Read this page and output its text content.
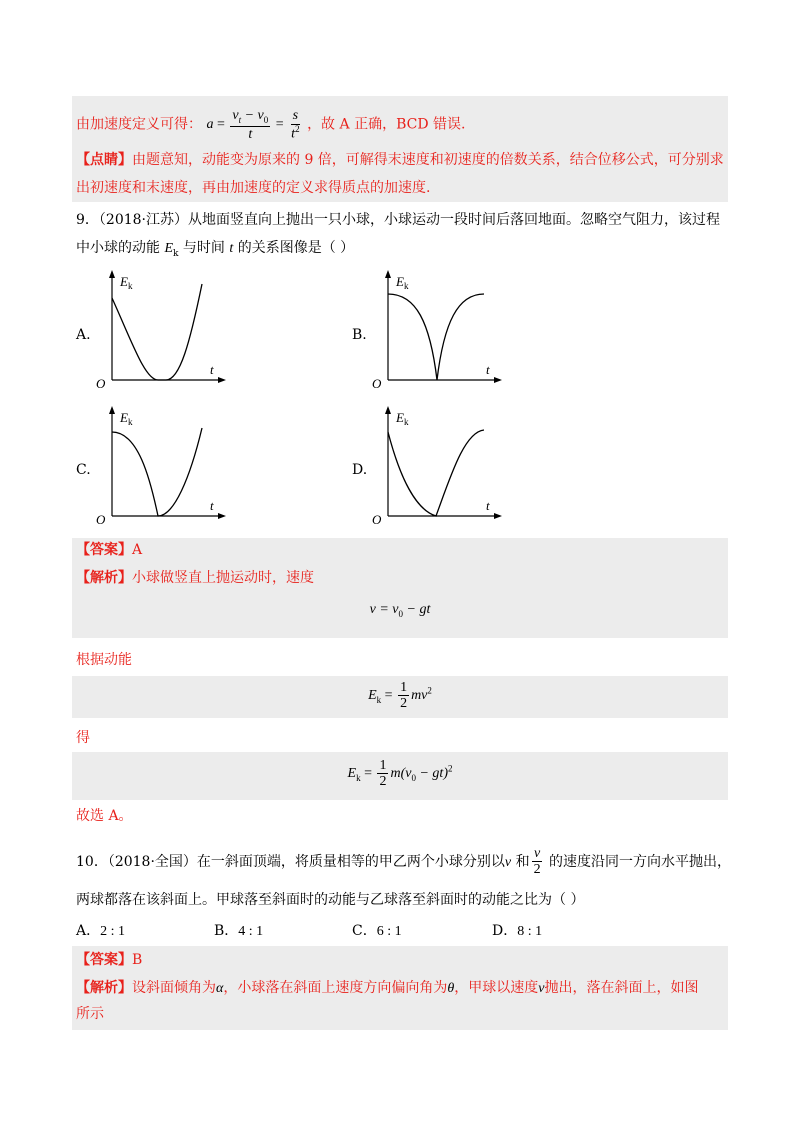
由加速度定义可得： $a = \frac{v_t - v_0}{t} = \frac{s}{t^2}$ ，故 A 正确，BCD 错误.
【点睛】由题意知，动能变为原来的 9 倍，可解得末速度和初速度的倍数关系，结合位移公式，可分别求
出初速度和末速度，再由加速度的定义求得质点的加速度.
9．（2018·江苏）从地面竖直向上抛出一只小球，小球运动一段时间后落回地面。忽略空气阻力，该过程
中小球的动能 $E_k$ 与时间 t 的关系图像是（ ）
A.
$E_k$
t
O
B.
$E_k$
t
O
C.
$E_k$
t
O
D.
$E_k$
t
O
【答案】A
【解析】小球做竖直上抛运动时，速度
$v = v_0$ − gt
根据动能
$E_k = \frac{1}{2} mv^2$
得
$E_k = \frac{1}{2} m(v_0 - gt)^2$
故选 A。
10．（2018·全国）在一斜面顶端，将质量相等的甲乙两个小球分别以v 和 $\frac{v}{2}$ 的速度沿同一方向水平抛出，
两球都落在该斜面上。甲球落至斜面时的动能与乙球落至斜面时的动能之比为（ ）
A．2 : 1	B．4 : 1	C．6 : 1	D．8 : 1
【答案】B
【解析】设斜面倾角为α，小球落在斜面上速度方向偏向角为θ，甲球以速度v抛出，落在斜面上，如图
所示
